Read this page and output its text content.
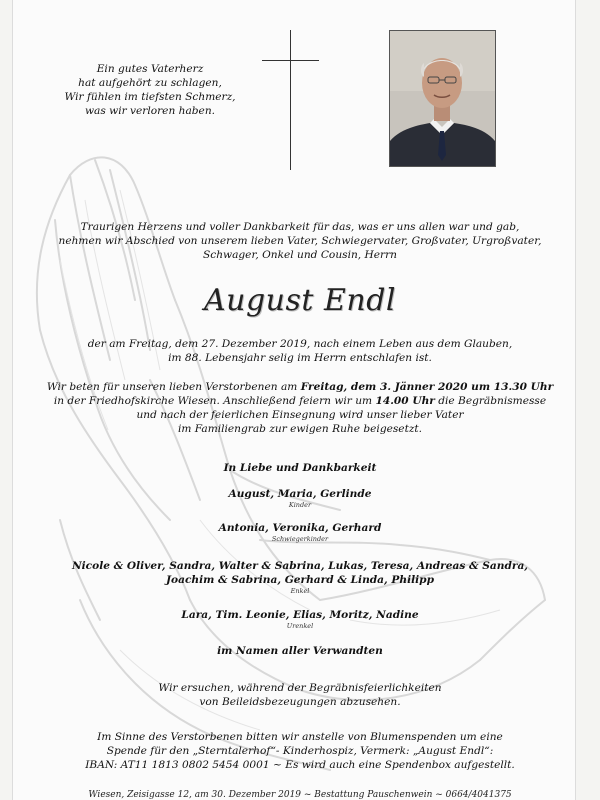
Ein gutes Vaterherz
hat aufgehört zu schlagen,
Wir fühlen im tiefsten Schmerz,
was wir verloren haben.
Traurigen Herzens und voller Dankbarkeit für das, was er uns allen war und gab,
nehmen wir Abschied von unserem lieben Vater, Schwiegervater, Großvater, Urgroßvater,
Schwager, Onkel und Cousin, Herrn
August Endl
der am Freitag, dem 27. Dezember 2019, nach einem Leben aus dem Glauben,
im 88. Lebensjahr selig im Herrn entschlafen ist.
Wir beten für unseren lieben Verstorbenen am Freitag, dem 3. Jänner 2020 um 13.30 Uhr
in der Friedhofskirche Wiesen. Anschließend feiern wir um 14.00 Uhr die Begräbnismesse
und nach der feierlichen Einsegnung wird unser lieber Vater
im Familiengrab zur ewigen Ruhe beigesetzt.
In Liebe und Dankbarkeit
August, Maria, Gerlinde
Kinder
Antonia, Veronika, Gerhard
Schwiegerkinder
Nicole & Oliver, Sandra, Walter & Sabrina, Lukas, Teresa, Andreas & Sandra,
Joachim & Sabrina, Gerhard & Linda, Philipp
Enkel
Lara, Tim. Leonie, Elias, Moritz, Nadine
Urenkel
im Namen aller Verwandten
Wir ersuchen, während der Begräbnisfeierlichkeiten
von Beileidsbezeugungen abzusehen.
Im Sinne des Verstorbenen bitten wir anstelle von Blumenspenden um eine
Spende für den „Sterntalerhof“- Kinderhospiz, Vermerk: „August Endl“:
IBAN: AT11 1813 0802 5454 0001 ~ Es wird auch eine Spendenbox aufgestellt.
Wiesen, Zeisigasse 12, am 30. Dezember 2019 ~ Bestattung Pauschenwein ~ 0664/4041375
